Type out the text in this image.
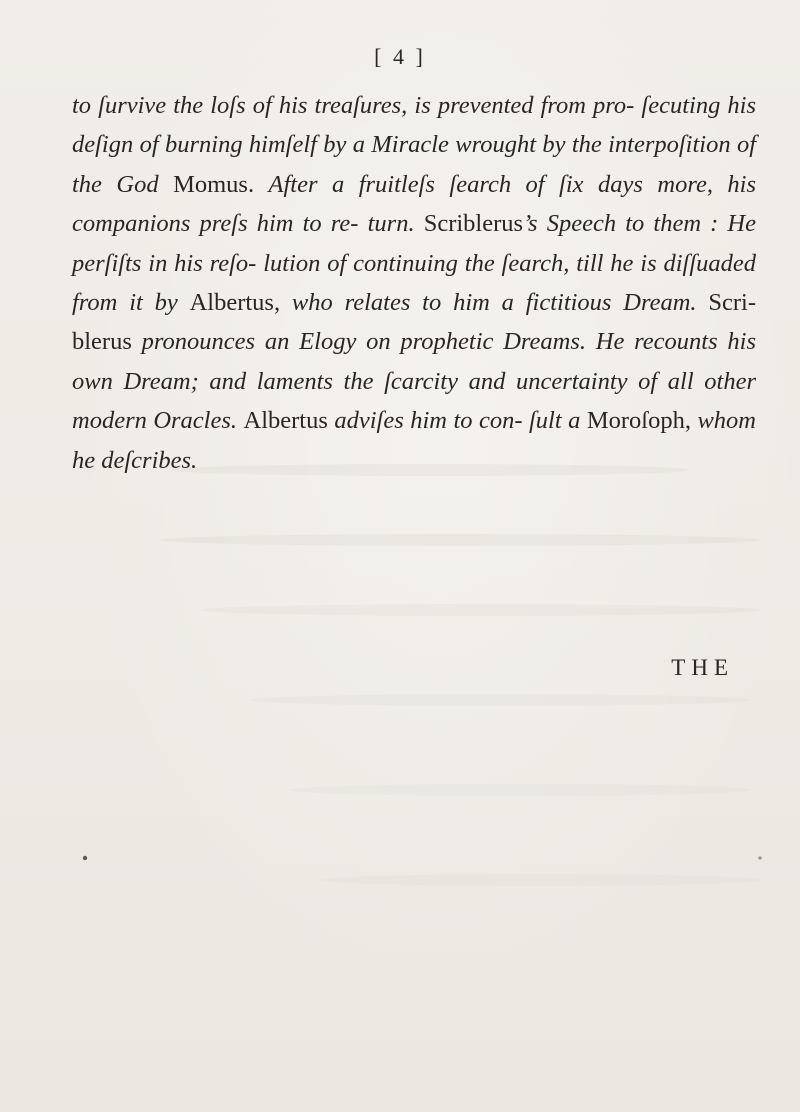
[ 4 ]

to ſurvive the loſs of his treaſures, is prevented from pro- ſecuting his deſign of burning himſelf by a Miracle wrought by the interpoſition of the God Momus. After a fruitleſs ſearch of ſix days more, his companions preſs him to re- turn. Scriblerus’s Speech to them : He perſiſts in his reſo- lution of continuing the ſearch, till he is diſſuaded from it by Albertus, who relates to him a fictitious Dream. Scri- blerus pronounces an Elogy on prophetic Dreams. He recounts his own Dream; and laments the ſcarcity and uncertainty of all other modern Oracles. Albertus adviſes him to con- ſult a Moroſoph, whom he deſcribes.

THE
